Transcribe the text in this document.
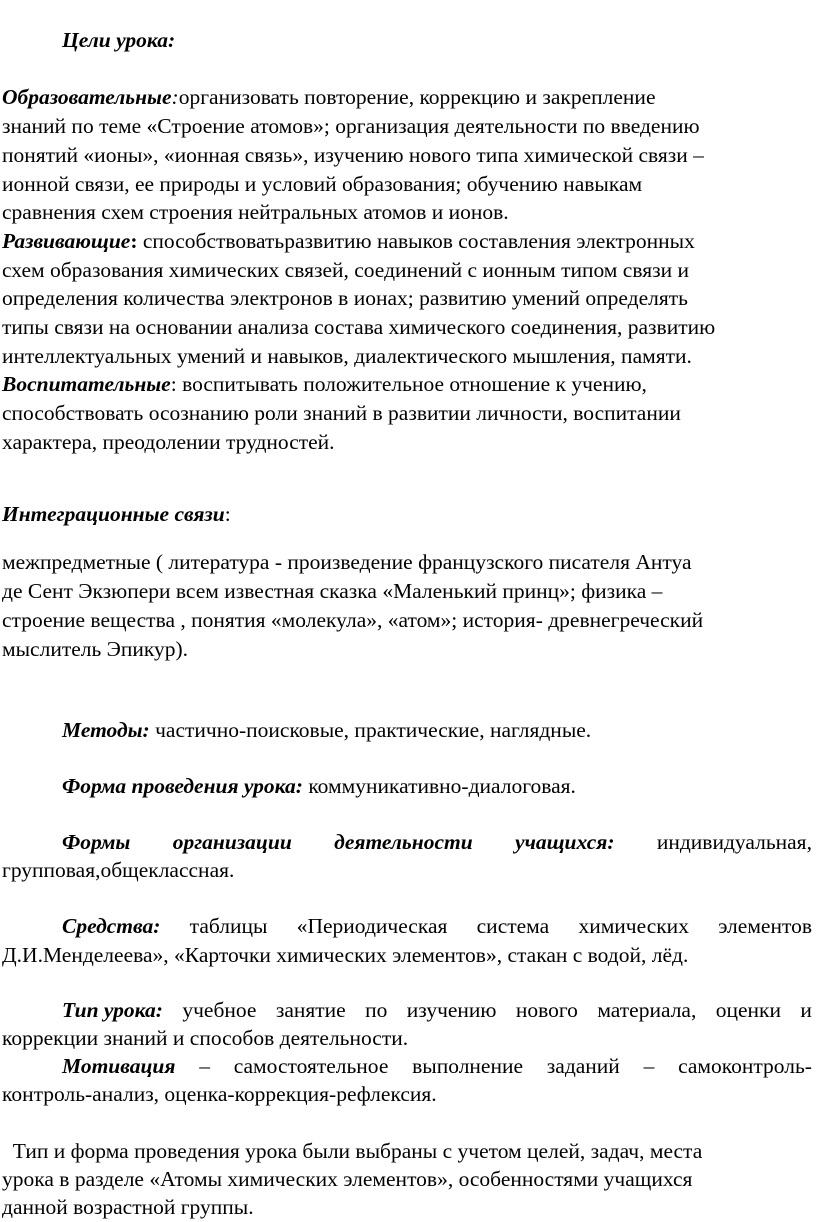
Цели урока:
Образовательные:организовать повторение, коррекцию и закрепление
знаний по теме «Строение атомов»; организация деятельности по введению
понятий «ионы», «ионная связь», изучению нового типа химической связи –
ионной связи, ее природы и условий образования; обучению навыкам
сравнения схем строения нейтральных атомов и ионов.
Развивающие: способствоватьразвитию навыков составления электронных
схем образования химических связей, соединений с ионным типом связи и
определения количества электронов в ионах; развитию умений определять
типы связи на основании анализа состава химического соединения, развитию
интеллектуальных умений и навыков, диалектического мышления, памяти.
Воспитательные: воспитывать положительное отношение к учению,
способствовать осознанию роли знаний в развитии личности, воспитании
характера, преодолении трудностей.
Интеграционные связи:
межпредметные ( литература - произведение французского писателя Антуа
де Сент Экзюпери всем известная сказка «Маленький принц»; физика –
строение вещества , понятия «молекула», «атом»; история- древнегреческий
мыслитель Эпикур).
Методы: частично-поисковые, практические, наглядные.
Форма проведения урока: коммуникативно-диалоговая.
Формы организации деятельности учащихся: индивидуальная,
групповая,общеклассная.
Средства: таблицы «Периодическая система химических элементов
Д.И.Менделеева», «Карточки химических элементов», стакан с водой, лёд.
Тип урока: учебное занятие по изучению нового материала, оценки и
коррекции знаний и способов деятельности.
Мотивация – самостоятельное выполнение заданий – самоконтроль-
контроль-анализ, оценка-коррекция-рефлексия.
Тип и форма проведения урока были выбраны с учетом целей, задач, места
урока в разделе «Атомы химических элементов», особенностями учащихся
данной возрастной группы.
